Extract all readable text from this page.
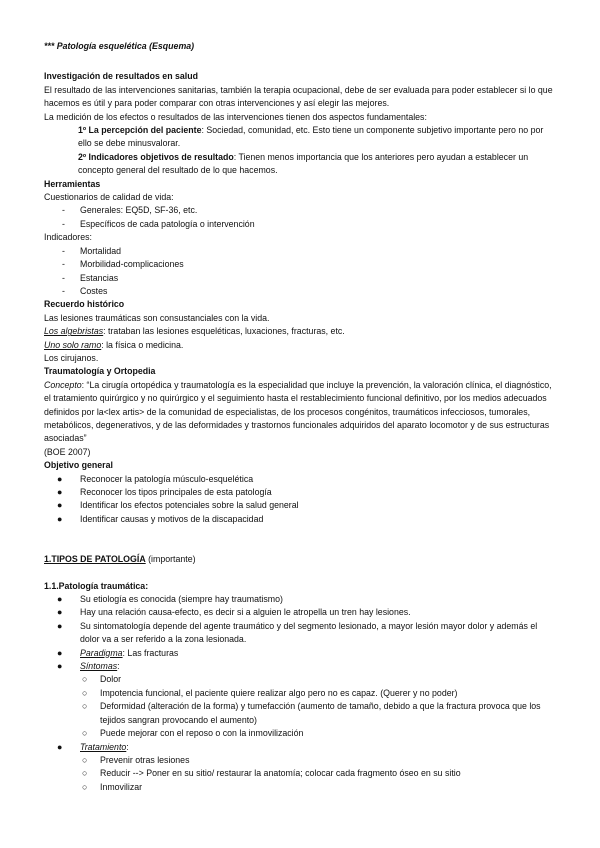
*** Patología esquelética (Esquema)

Investigación de resultados en salud

El resultado de las intervenciones sanitarias, también la terapia ocupacional, debe de ser evaluada para poder establecer si lo que hacemos es útil y para poder comparar con otras intervenciones y así elegir las mejores.

La medición de los efectos o resultados de las intervenciones tienen dos aspectos fundamentales:

1º La percepción del paciente: Sociedad, comunidad, etc. Esto tiene un componente subjetivo importante pero no por ello se debe minusvalorar.

2º Indicadores objetivos de resultado: Tienen menos importancia que los anteriores pero ayudan a establecer un concepto general del resultado de lo que hacemos.

Herramientas

Cuestionarios de calidad de vida:

- Generales: EQ5D, SF-36, etc.
- Específicos de cada patología o intervención

Indicadores:

- Mortalidad
- Morbilidad-complicaciones
- Estancias
- Costes

Recuerdo histórico

Las lesiones traumáticas son consustanciales con la vida.

Los algebristas: trataban las lesiones esqueléticas, luxaciones, fracturas, etc.

Uno solo ramo: la física o medicina.

Los cirujanos.

Traumatología y Ortopedia

Concepto: “La cirugía ortopédica y traumatología es la especialidad que incluye la prevención, la valoración clínica, el diagnóstico, el tratamiento quirúrgico y no quirúrgico y el seguimiento hasta el restablecimiento funcional definitivo, por los medios adecuados definidos por la<lex artis> de la comunidad de especialistas, de los procesos congénitos, traumáticos infecciosos, tumorales, metabólicos, degenerativos, y de las deformidades y trastornos funcionales adquiridos del aparato locomotor y de sus estructuras asociadas”

(BOE 2007)

Objetivo general

● Reconocer la patología músculo-esquelética
● Reconocer los tipos principales de esta patología
● Identificar los efectos potenciales sobre la salud general
● Identificar causas y motivos de la discapacidad

1.TIPOS DE PATOLOGÍA (importante)

1.1.Patología traumática:

● Su etiología es conocida (siempre hay traumatismo)
● Hay una relación causa-efecto, es decir si a alguien le atropella un tren hay lesiones.
● Su sintomatología depende del agente traumático y del segmento lesionado, a mayor lesión mayor dolor y además el dolor va a ser referido a la zona lesionada.
● Paradigma: Las fracturas
● Síntomas:
○ Dolor
○ Impotencia funcional, el paciente quiere realizar algo pero no es capaz. (Querer y no poder)
○ Deformidad (alteración de la forma) y tumefacción (aumento de tamaño, debido a que la fractura provoca que los tejidos sangran provocando el aumento)
○ Puede mejorar con el reposo o con la inmovilización
● Tratamiento:
○ Prevenir otras lesiones
○ Reducir --> Poner en su sitio/ restaurar la anatomía; colocar cada fragmento óseo en su sitio
○ Inmovilizar
